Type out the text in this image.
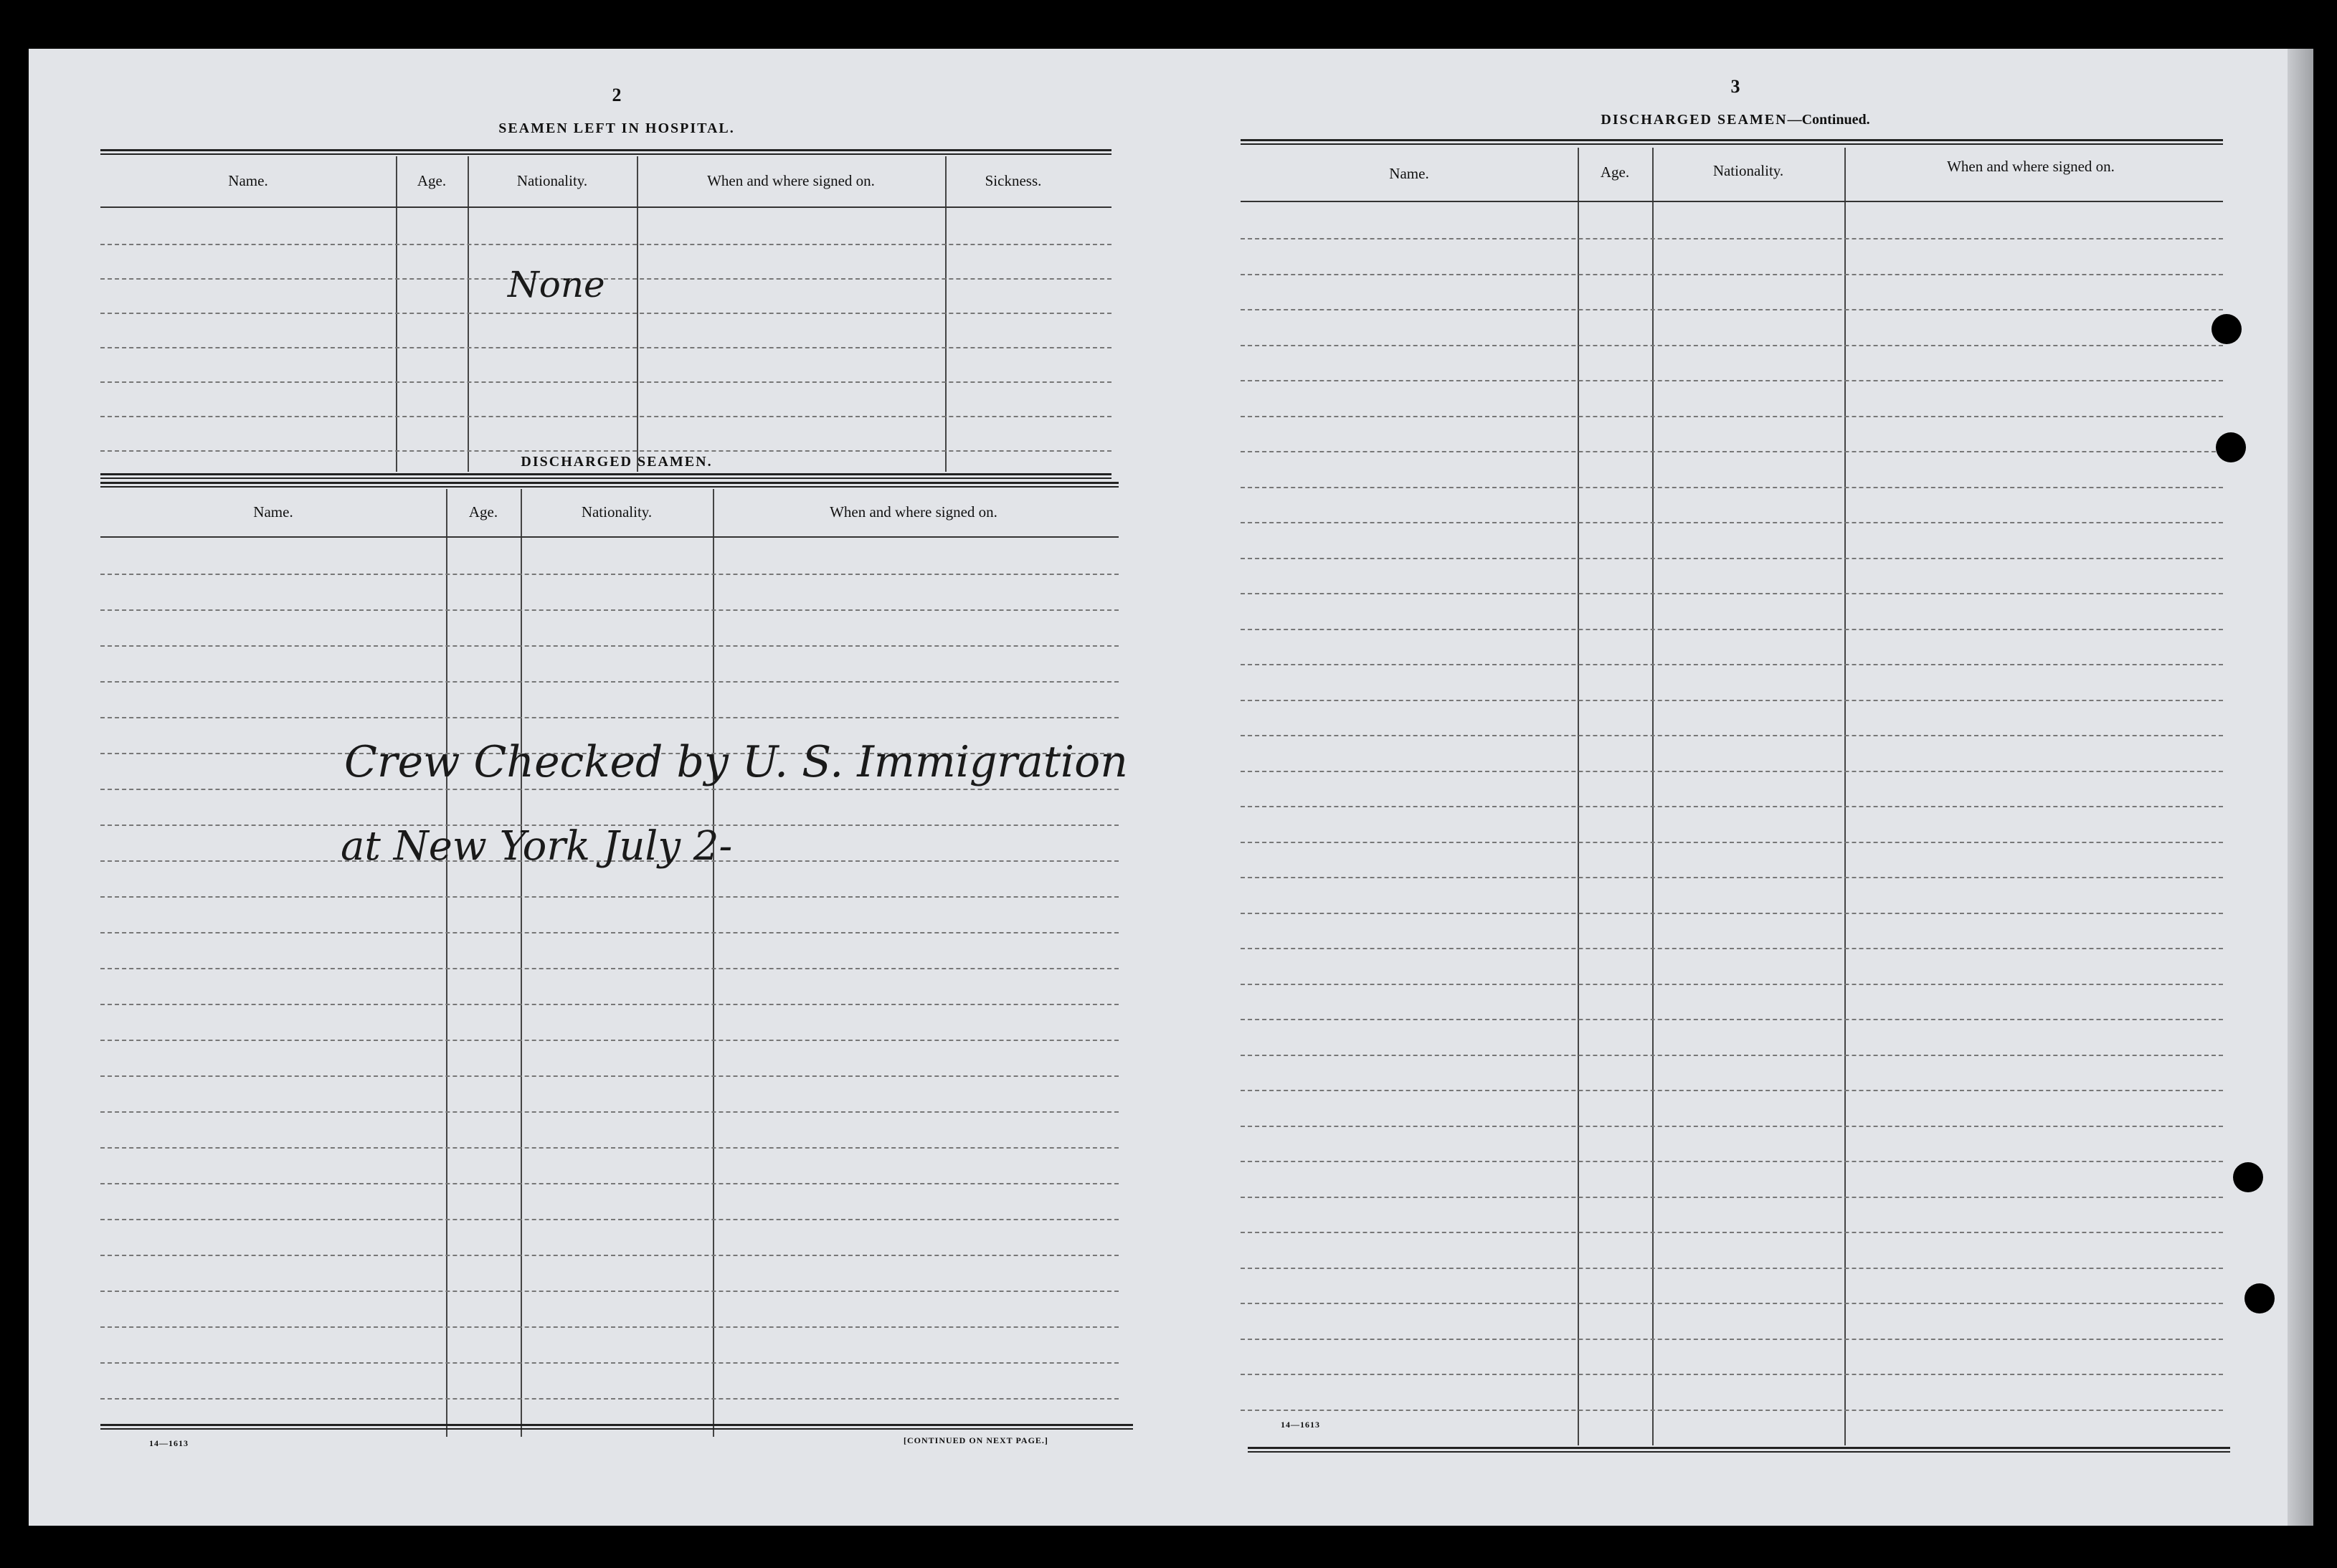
2
SEAMEN LEFT IN HOSPITAL.
Name.	Age.	Nationality.	When and where signed on.	Sickness.
None
DISCHARGED SEAMEN.
Name.	Age.	Nationality.	When and where signed on.
Crew Checked by U. S. Immigration
at New York July 2-
14—1613	[CONTINUED ON NEXT PAGE.]
3
DISCHARGED SEAMEN—Continued.
Name.	Age.	Nationality.	When and where signed on.
14—1613
